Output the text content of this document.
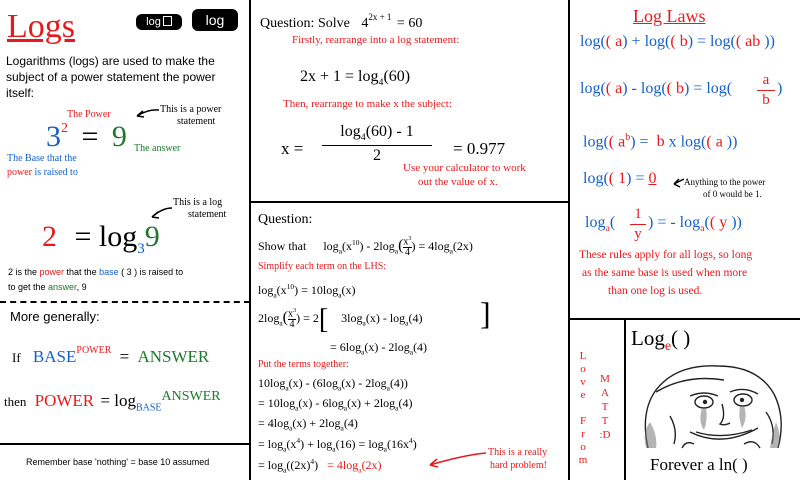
Logs	log	log
Logarithms (logs) are used to make the
subject of a power statement the power
itself:
The Power	This is a power
statement
$3^2 = 9$ The answer
The Base that the
power is raised to
This is a log
statement
$2 = \log_39$
2 is the power that the base ( 3 ) is raised to
to get the answer, 9
More generally:
If $BASE^{POWER}$ = ANSWER
then POWER = $\log_{BASE}^{ANSWER}$
Remember base 'nothing' = base 10 assumed
Question: Solve $4^{2x + 1} = 60$
Firstly, rearrange into a log statement:
$2x + 1 = \log_4(60)$
Then, rearrange to make x the subject:
x =
$\log_4(60) - 1$
2	= 0.977
Use your calculator to work
out the value of x.
Question:
Show that $\log_a(x^{10}) - 2\log_a( \frac{x^3}{4}$ ) = $4\log_a(2x)$
Simplify each term on the LHS:
$\log_a(x^{10}) = 10\log_a(x)$
$2\log_a( \frac{x^3}{4}$ ) = 2[ $3\log_a(x) - \log_a(4)$ ]
= $6\log_a(x) - 2\log_a(4)$
Put the terms together:
$10\log_a(x) - (6\log_a(x) - 2\log_a(4))$
= $10\log_a(x) - 6\log_a(x) + 2\log_a(4)$
= $4\log_a(x) + 2\log_a(4)$
= $\log_a(x^4) + \log_a(16) = \log_a(16x^4)$
= $\log_a((2x)^4) = 4\log_a(2x)$
This is a really
hard problem!
Log Laws
log(( a) + log(( b) = log(( ab ))
log(( a) - log(( b) = log(	a
b
)
log(( $a^b) = b$ x log(( a ))
log(( 1) = 0	Anything to the power
of 0 would be 1.
$\log_a$( 1
y
) = - $\log_a$(( y ))
These rules apply for all logs, so long
as the same base is used when more
than one log is used.
L
o
v
e
F
r
o
m
M
A
T
T
:D
Log$_e$( )
Forever a ln( )
